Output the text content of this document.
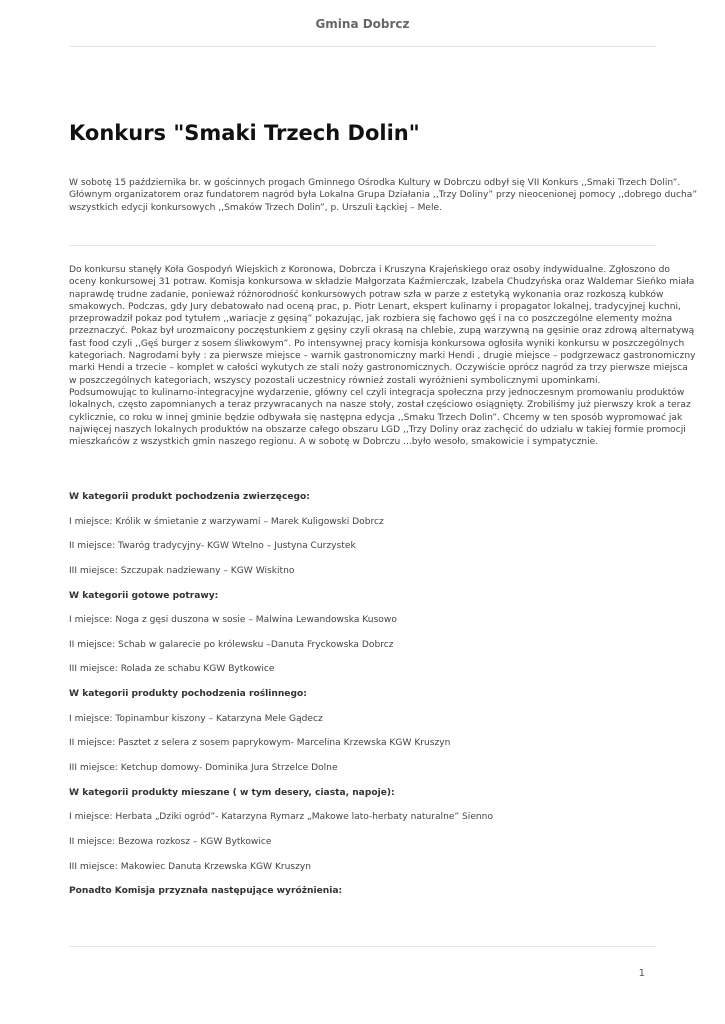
Gmina Dobrcz
Konkurs "Smaki Trzech Dolin"
W sobotę 15 października br. w gościnnych progach Gminnego Ośrodka Kultury w Dobrczu odbył się VII Konkurs ,,Smaki Trzech Dolin”.
Głównym organizatorem oraz fundatorem nagród była Lokalna Grupa Działania ,,Trzy Doliny” przy nieocenionej pomocy ,,dobrego ducha”
wszystkich edycji konkursowych ,,Smaków Trzech Dolin”, p. Urszuli Łąckiej – Mele.
Do konkursu stanęły Koła Gospodyń Wiejskich z Koronowa, Dobrcza i Kruszyna Krajeńskiego oraz osoby indywidualne. Zgłoszono do
oceny konkursowej 31 potraw. Komisja konkursowa w składzie Małgorzata Kaźmierczak, Izabela Chudzyńska oraz Waldemar Sieńko miała
naprawdę trudne zadanie, ponieważ różnorodność konkursowych potraw szła w parze z estetyką wykonania oraz rozkoszą kubków
smakowych. Podczas, gdy Jury debatowało nad oceną prac, p. Piotr Lenart, ekspert kulinarny i propagator lokalnej, tradycyjnej kuchni,
przeprowadził pokaz pod tytułem ,,wariacje z gęsiną” pokazując, jak rozbiera się fachowo gęś i na co poszczególne elementy można
przeznaczyć. Pokaz był urozmaicony poczęstunkiem z gęsiny czyli okrasą na chlebie, zupą warzywną na gęsinie oraz zdrową alternatywą
fast food czyli ,,Gęś burger z sosem śliwkowym”. Po intensywnej pracy komisja konkursowa ogłosiła wyniki konkursu w poszczególnych
kategoriach. Nagrodami były : za pierwsze miejsce – warnik gastronomiczny marki Hendi , drugie miejsce – podgrzewacz gastronomiczny
marki Hendi a trzecie – komplet w całości wykutych ze stali noży gastronomicznych. Oczywiście oprócz nagród za trzy pierwsze miejsca
w poszczególnych kategoriach, wszyscy pozostali uczestnicy również zostali wyróżnieni symbolicznymi upominkami.
Podsumowując to kulinarno-integracyjne wydarzenie, główny cel czyli integracja społeczna przy jednoczesnym promowaniu produktów
lokalnych, często zapomnianych a teraz przywracanych na nasze stoły, został częściowo osiągnięty. Zrobiliśmy już pierwszy krok a teraz
cyklicznie, co roku w innej gminie będzie odbywała się następna edycja ,,Smaku Trzech Dolin”. Chcemy w ten sposób wypromować jak
najwięcej naszych lokalnych produktów na obszarze całego obszaru LGD ,,Trzy Doliny oraz zachęcić do udziału w takiej formie promocji
mieszkańców z wszystkich gmin naszego regionu. A w sobotę w Dobrczu ...było wesoło, smakowicie i sympatycznie.
W kategorii produkt pochodzenia zwierzęcego:
I miejsce: Królik w śmietanie z warzywami – Marek Kuligowski Dobrcz
II miejsce: Twaróg tradycyjny- KGW Wtelno – Justyna Curzystek
III miejsce: Szczupak nadziewany – KGW Wiskitno
W kategorii gotowe potrawy:
I miejsce: Noga z gęsi duszona w sosie – Malwina Lewandowska Kusowo
II miejsce: Schab w galarecie po królewsku –Danuta Fryckowska Dobrcz
III miejsce: Rolada ze schabu KGW Bytkowice
W kategorii produkty pochodzenia roślinnego:
I miejsce: Topinambur kiszony – Katarzyna Mele Gądecz
II miejsce: Pasztet z selera z sosem paprykowym- Marcelina Krzewska KGW Kruszyn
III miejsce: Ketchup domowy- Dominika Jura Strzelce Dolne
W kategorii produkty mieszane ( w tym desery, ciasta, napoje):
I miejsce: Herbata „Dziki ogród”- Katarzyna Rymarz „Makowe lato-herbaty naturalne” Sienno
II miejsce: Bezowa rozkosz – KGW Bytkowice
III miejsce: Makowiec Danuta Krzewska KGW Kruszyn
Ponadto Komisja przyznała następujące wyróżnienia:
1
